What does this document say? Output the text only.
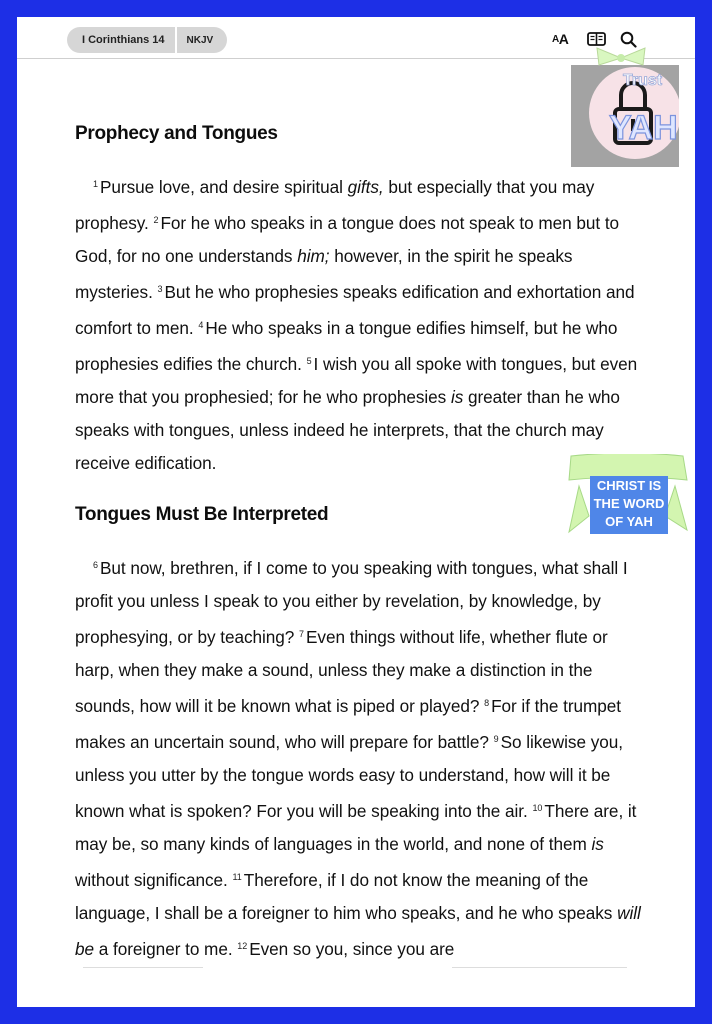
I Corinthians 14	NKJV	A A
Trust
YAH
CHRIST IS
THE WORD
OF YAH
Prophecy and Tongues

$^1$ Pursue love, and desire spiritual gifts, but especially that you may prophesy. $^2$ For he who speaks in a tongue does not speak to men but to God, for no one understands him; however, in the spirit he speaks mysteries. $^3$ But he who prophesies speaks edification and exhortation and comfort to men. $^4$ He who speaks in a tongue edifies himself, but he who prophesies edifies the church. $^5$ I wish you all spoke with tongues, but even more that you prophesied; for he who prophesies is greater than he who speaks with tongues, unless indeed he interprets, that the church may receive edification.

Tongues Must Be Interpreted

$^6$ But now, brethren, if I come to you speaking with tongues, what shall I profit you unless I speak to you either by revelation, by knowledge, by prophesying, or by teaching? $^7$ Even things without life, whether flute or harp, when they make a sound, unless they make a distinction in the sounds, how will it be known what is piped or played? $^8$ For if the trumpet makes an uncertain sound, who will prepare for battle? $^9$ So likewise you, unless you utter by the tongue words easy to understand, how will it be known what is spoken? For you will be speaking into the air. $^{10}$ There are, it may be, so many kinds of languages in the world, and none of them is without significance. $^{11}$ Therefore, if I do not know the meaning of the language, I shall be a foreigner to him who speaks, and he who speaks will be a foreigner to me. $^{12}$ Even so you, since you are
